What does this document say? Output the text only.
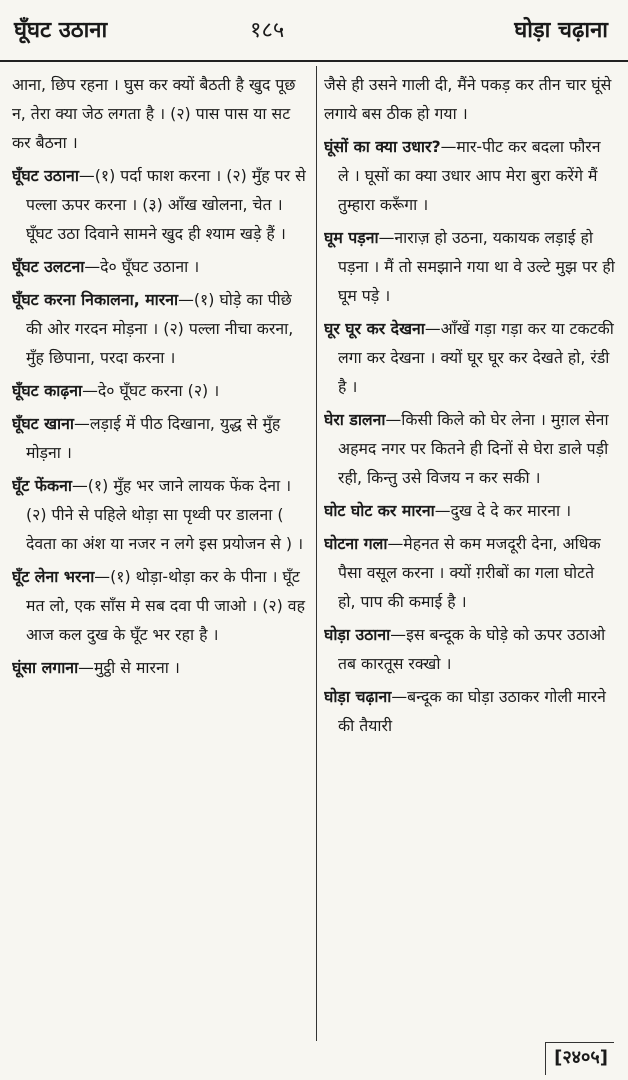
घूँघट उठाना	१८५	घोड़ा चढ़ाना

आना, छिप रहना । घुस कर क्यों बैठती है खुद पूछ न, तेरा क्या जेठ लगता है । (२) पास पास या सट कर बैठना ।

घूँघट उठाना—(१) पर्दा फाश करना । (२) मुँह पर से पल्ला ऊपर करना । (३) आँख खोलना, चेत । घूँघट उठा दिवाने सामने खुद ही श्याम खड़े हैं ।

घूँघट उलटना—दे० घूँघट उठाना ।

घूँघट करना निकालना, मारना—(१) घोड़े का पीछे की ओर गरदन मोड़ना । (२) पल्ला नीचा करना, मुँह छिपाना, परदा करना ।

घूँघट काढ़ना—दे० घूँघट करना (२) ।

घूँघट खाना—लड़ाई में पीठ दिखाना, युद्ध से मुँह मोड़ना ।

घूँट फेंकना—(१) मुँह भर जाने लायक फेंक देना । (२) पीने से पहिले थोड़ा सा पृथ्वी पर डालना ( देवता का अंश या नजर न लगे इस प्रयोजन से ) ।

घूँट लेना भरना—(१) थोड़ा-थोड़ा कर के पीना । घूँट मत लो, एक साँस मे सब दवा पी जाओ । (२) वह आज कल दुख के घूँट भर रहा है ।

घूंसा लगाना—मुट्ठी से मारना ।

जैसे ही उसने गाली दी, मैंने पकड़ कर तीन चार घूंसे लगाये बस ठीक हो गया ।

घूंसों का क्या उधार?—मार-पीट कर बदला फौरन ले । घूसों का क्या उधार आप मेरा बुरा करेंगे मैं तुम्हारा करूँगा ।

घूम पड़ना—नाराज़ हो उठना, यकायक लड़ाई हो पड़ना । मैं तो समझाने गया था वे उल्टे मुझ पर ही घूम पड़े ।

घूर घूर कर देखना—आँखें गड़ा गड़ा कर या टकटकी लगा कर देखना । क्यों घूर घूर कर देखते हो, रंडी है ।

घेरा डालना—किसी किले को घेर लेना । मुग़ल सेना अहमद नगर पर कितने ही दिनों से घेरा डाले पड़ी रही, किन्तु उसे विजय न कर सकी ।

घोट घोट कर मारना—दुख दे दे कर मारना ।

घोटना गला—मेहनत से कम मजदूरी देना, अधिक पैसा वसूल करना । क्यों ग़रीबों का गला घोटते हो, पाप की कमाई है ।

घोड़ा उठाना—इस बन्दूक के घोड़े को ऊपर उठाओ तब कारतूस रक्खो ।

घोड़ा चढ़ाना—बन्दूक का घोड़ा उठाकर गोली मारने की तैयारी

[२४०५]
